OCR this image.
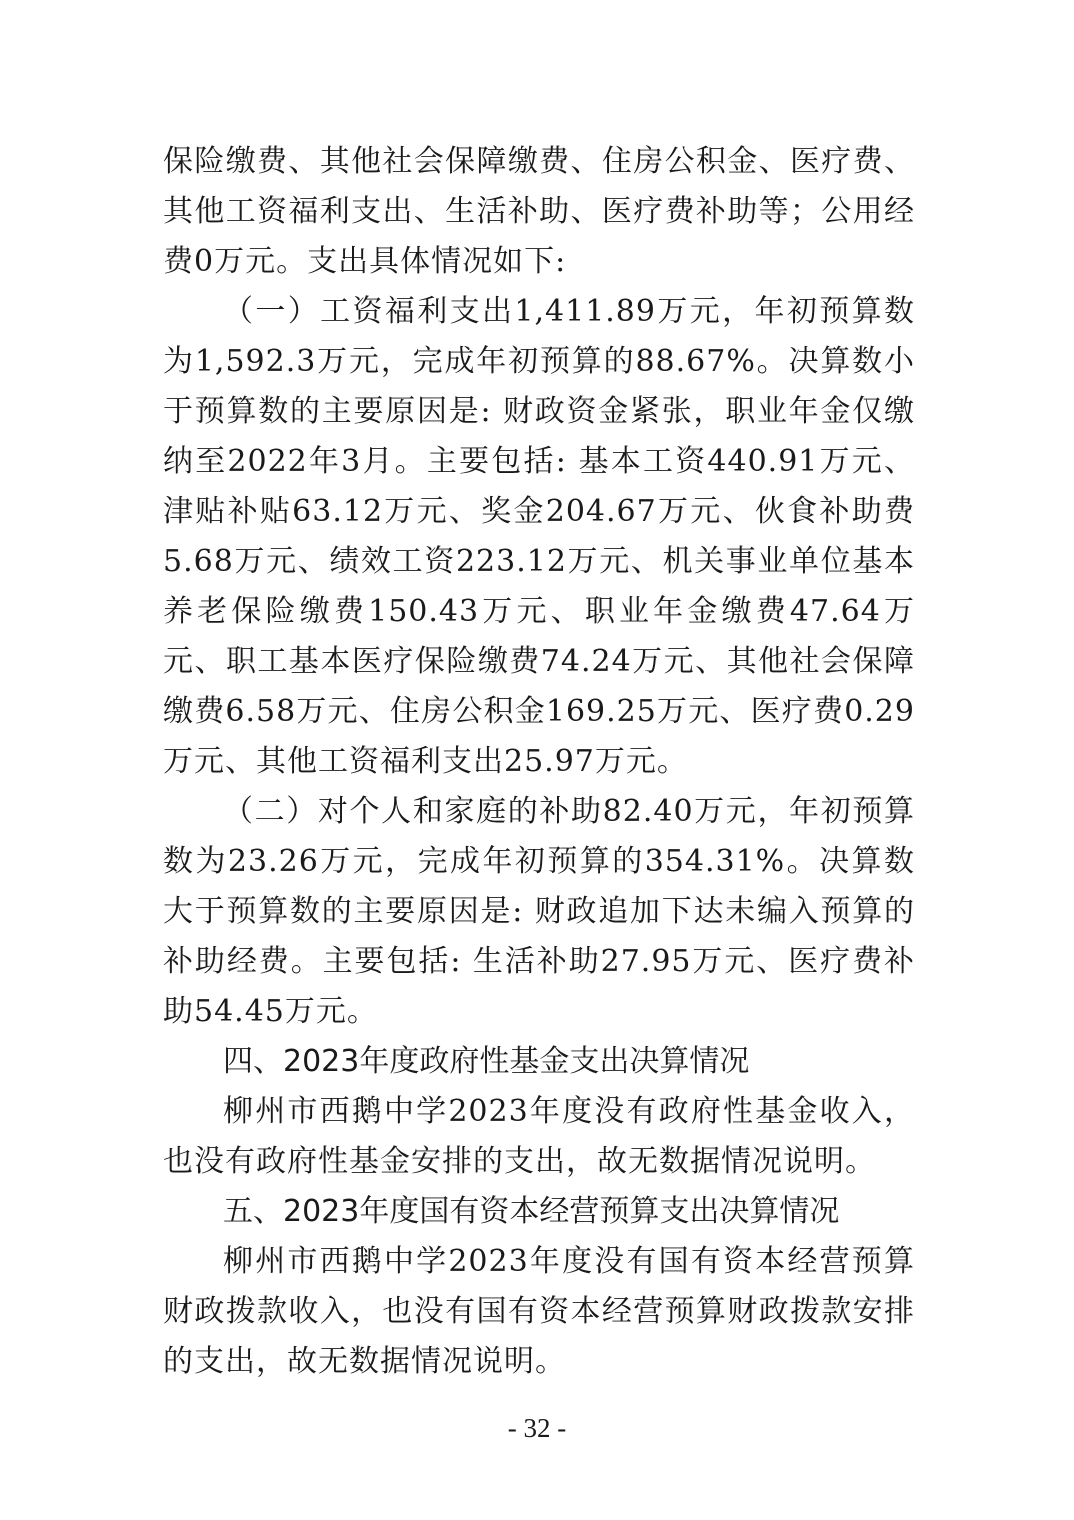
保险缴费、其他社会保障缴费、住房公积金、医疗费、其他工资福利支出、生活补助、医疗费补助等；公用经费0万元。支出具体情况如下:

（一）工资福利支出1,411.89万元，年初预算数为1,592.3万元，完成年初预算的88.67%。决算数小于预算数的主要原因是: 财政资金紧张，职业年金仅缴纳至2022年3月。主要包括: 基本工资440.91万元、津贴补贴63.12万元、奖金204.67万元、伙食补助费5.68万元、绩效工资223.12万元、机关事业单位基本养老保险缴费150.43万元、职业年金缴费47.64万元、职工基本医疗保险缴费74.24万元、其他社会保障缴费6.58万元、住房公积金169.25万元、医疗费0.29万元、其他工资福利支出25.97万元。

（二）对个人和家庭的补助82.40万元，年初预算数为23.26万元，完成年初预算的354.31%。决算数大于预算数的主要原因是: 财政追加下达未编入预算的补助经费。主要包括: 生活补助27.95万元、医疗费补助54.45万元。

四、2023年度政府性基金支出决算情况

柳州市西鹅中学2023年度没有政府性基金收入，也没有政府性基金安排的支出，故无数据情况说明。

五、2023年度国有资本经营预算支出决算情况

柳州市西鹅中学2023年度没有国有资本经营预算财政拨款收入，也没有国有资本经营预算财政拨款安排的支出，故无数据情况说明。

- 32 -
